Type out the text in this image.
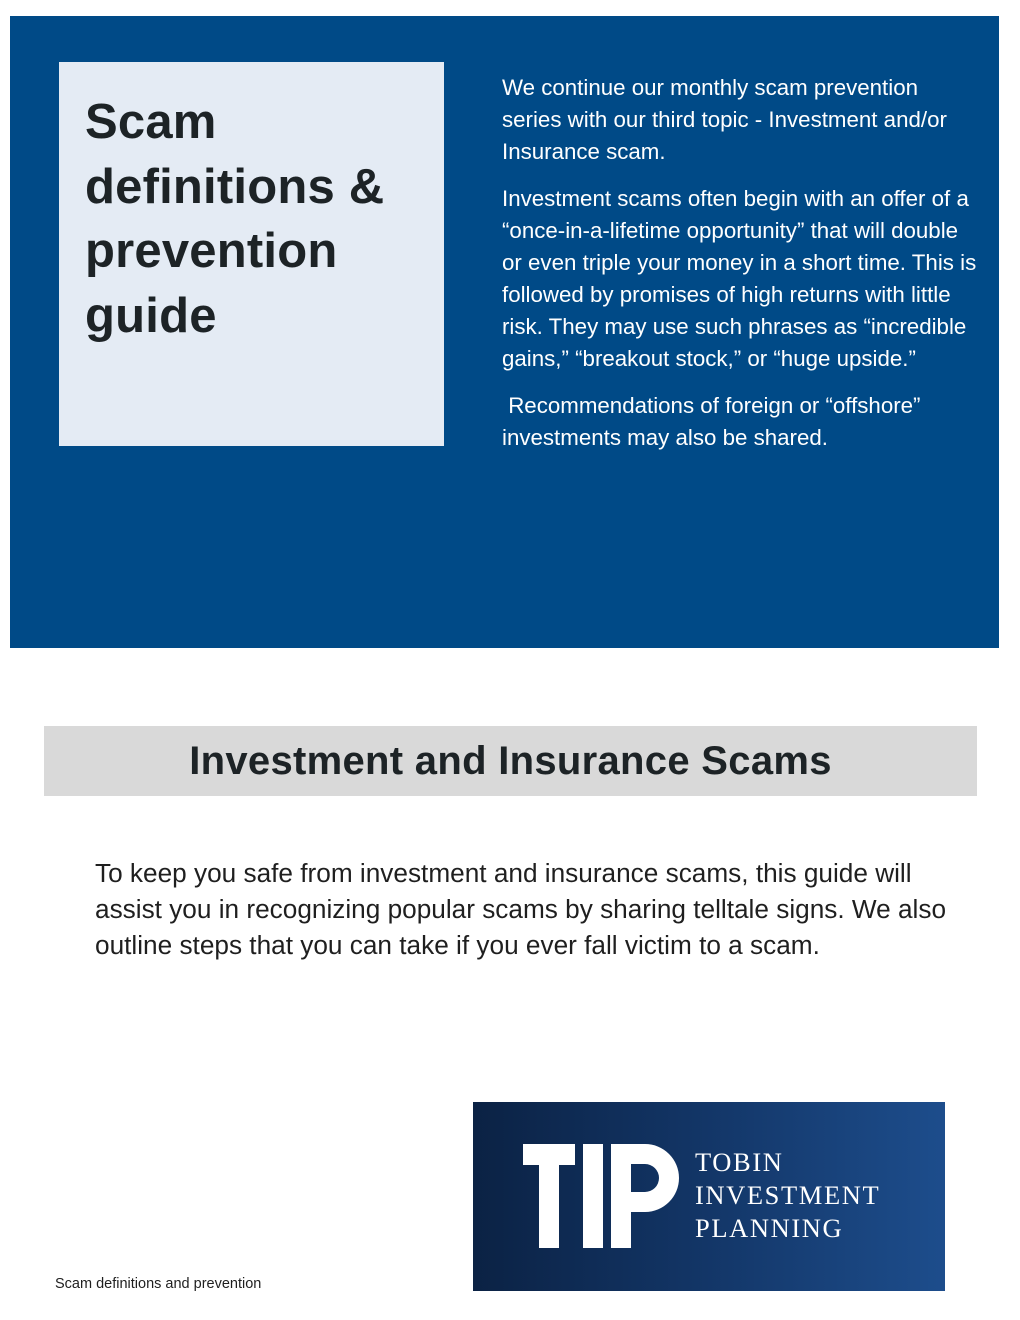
Scam definitions & prevention guide

We continue our monthly scam prevention series with our third topic - Investment and/or Insurance scam.

Investment scams often begin with an offer of a “once-in-a-lifetime opportunity” that will double or even triple your money in a short time. This is followed by promises of high returns with little risk. They may use such phrases as “incredible gains,” “breakout stock,” or “huge upside.”

Recommendations of foreign or “offshore” investments may also be shared.

Investment and Insurance Scams

To keep you safe from investment and insurance scams, this guide will assist you in recognizing popular scams by sharing telltale signs. We also outline steps that you can take if you ever fall victim to a scam.

TOBIN
INVESTMENT
PLANNING
Scam definitions and prevention
